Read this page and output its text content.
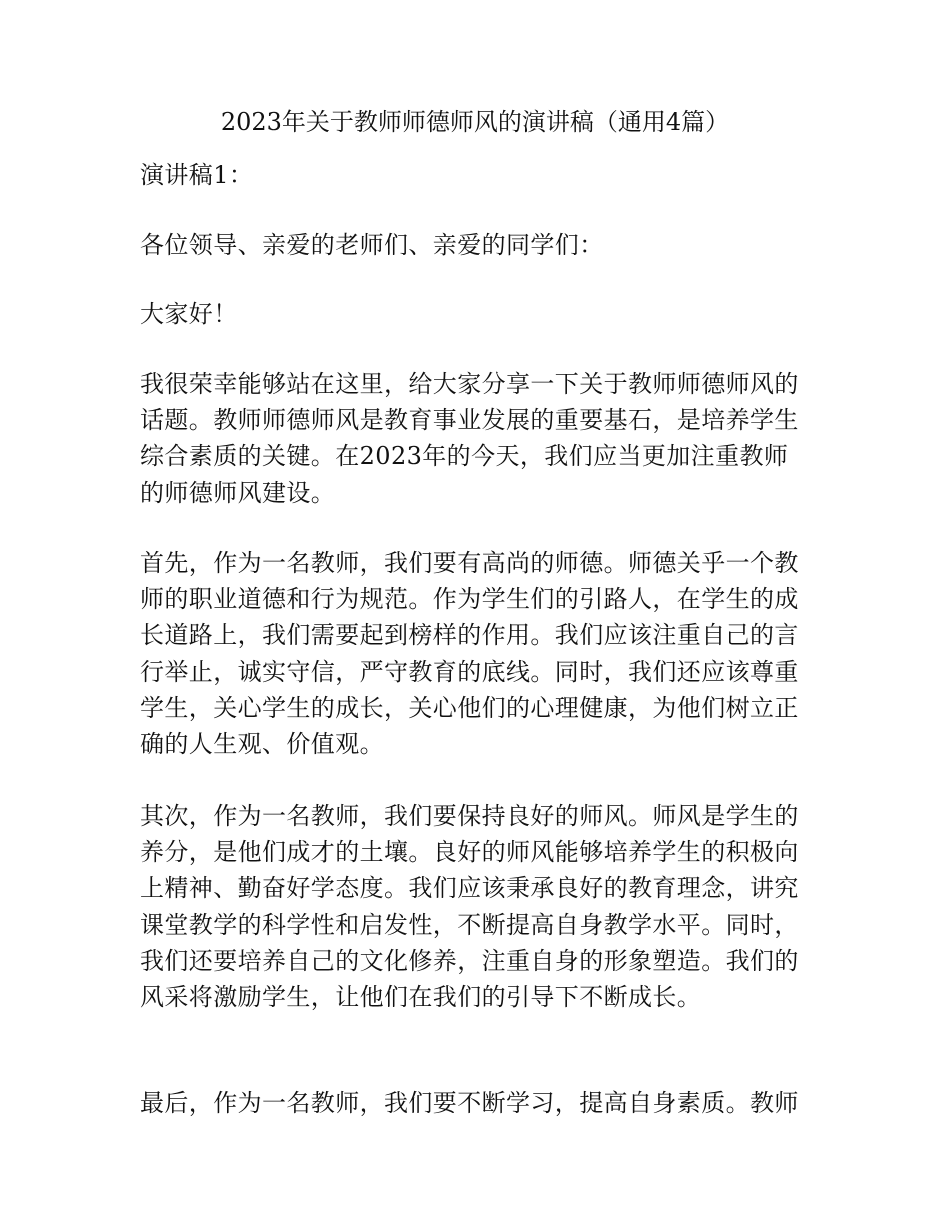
2023年关于教师师德师风的演讲稿（通用4篇）
演讲稿1：
各位领导、亲爱的老师们、亲爱的同学们：
大家好！
我很荣幸能够站在这里，给大家分享一下关于教师师德师风的
话题。教师师德师风是教育事业发展的重要基石，是培养学生
综合素质的关键。在2023年的今天，我们应当更加注重教师
的师德师风建设。
首先，作为一名教师，我们要有高尚的师德。师德关乎一个教
师的职业道德和行为规范。作为学生们的引路人，在学生的成
长道路上，我们需要起到榜样的作用。我们应该注重自己的言
行举止，诚实守信，严守教育的底线。同时，我们还应该尊重
学生，关心学生的成长，关心他们的心理健康，为他们树立正
确的人生观、价值观。
其次，作为一名教师，我们要保持良好的师风。师风是学生的
养分，是他们成才的土壤。良好的师风能够培养学生的积极向
上精神、勤奋好学态度。我们应该秉承良好的教育理念，讲究
课堂教学的科学性和启发性，不断提高自身教学水平。同时，
我们还要培养自己的文化修养，注重自身的形象塑造。我们的
风采将激励学生，让他们在我们的引导下不断成长。
最后，作为一名教师，我们要不断学习，提高自身素质。教师
